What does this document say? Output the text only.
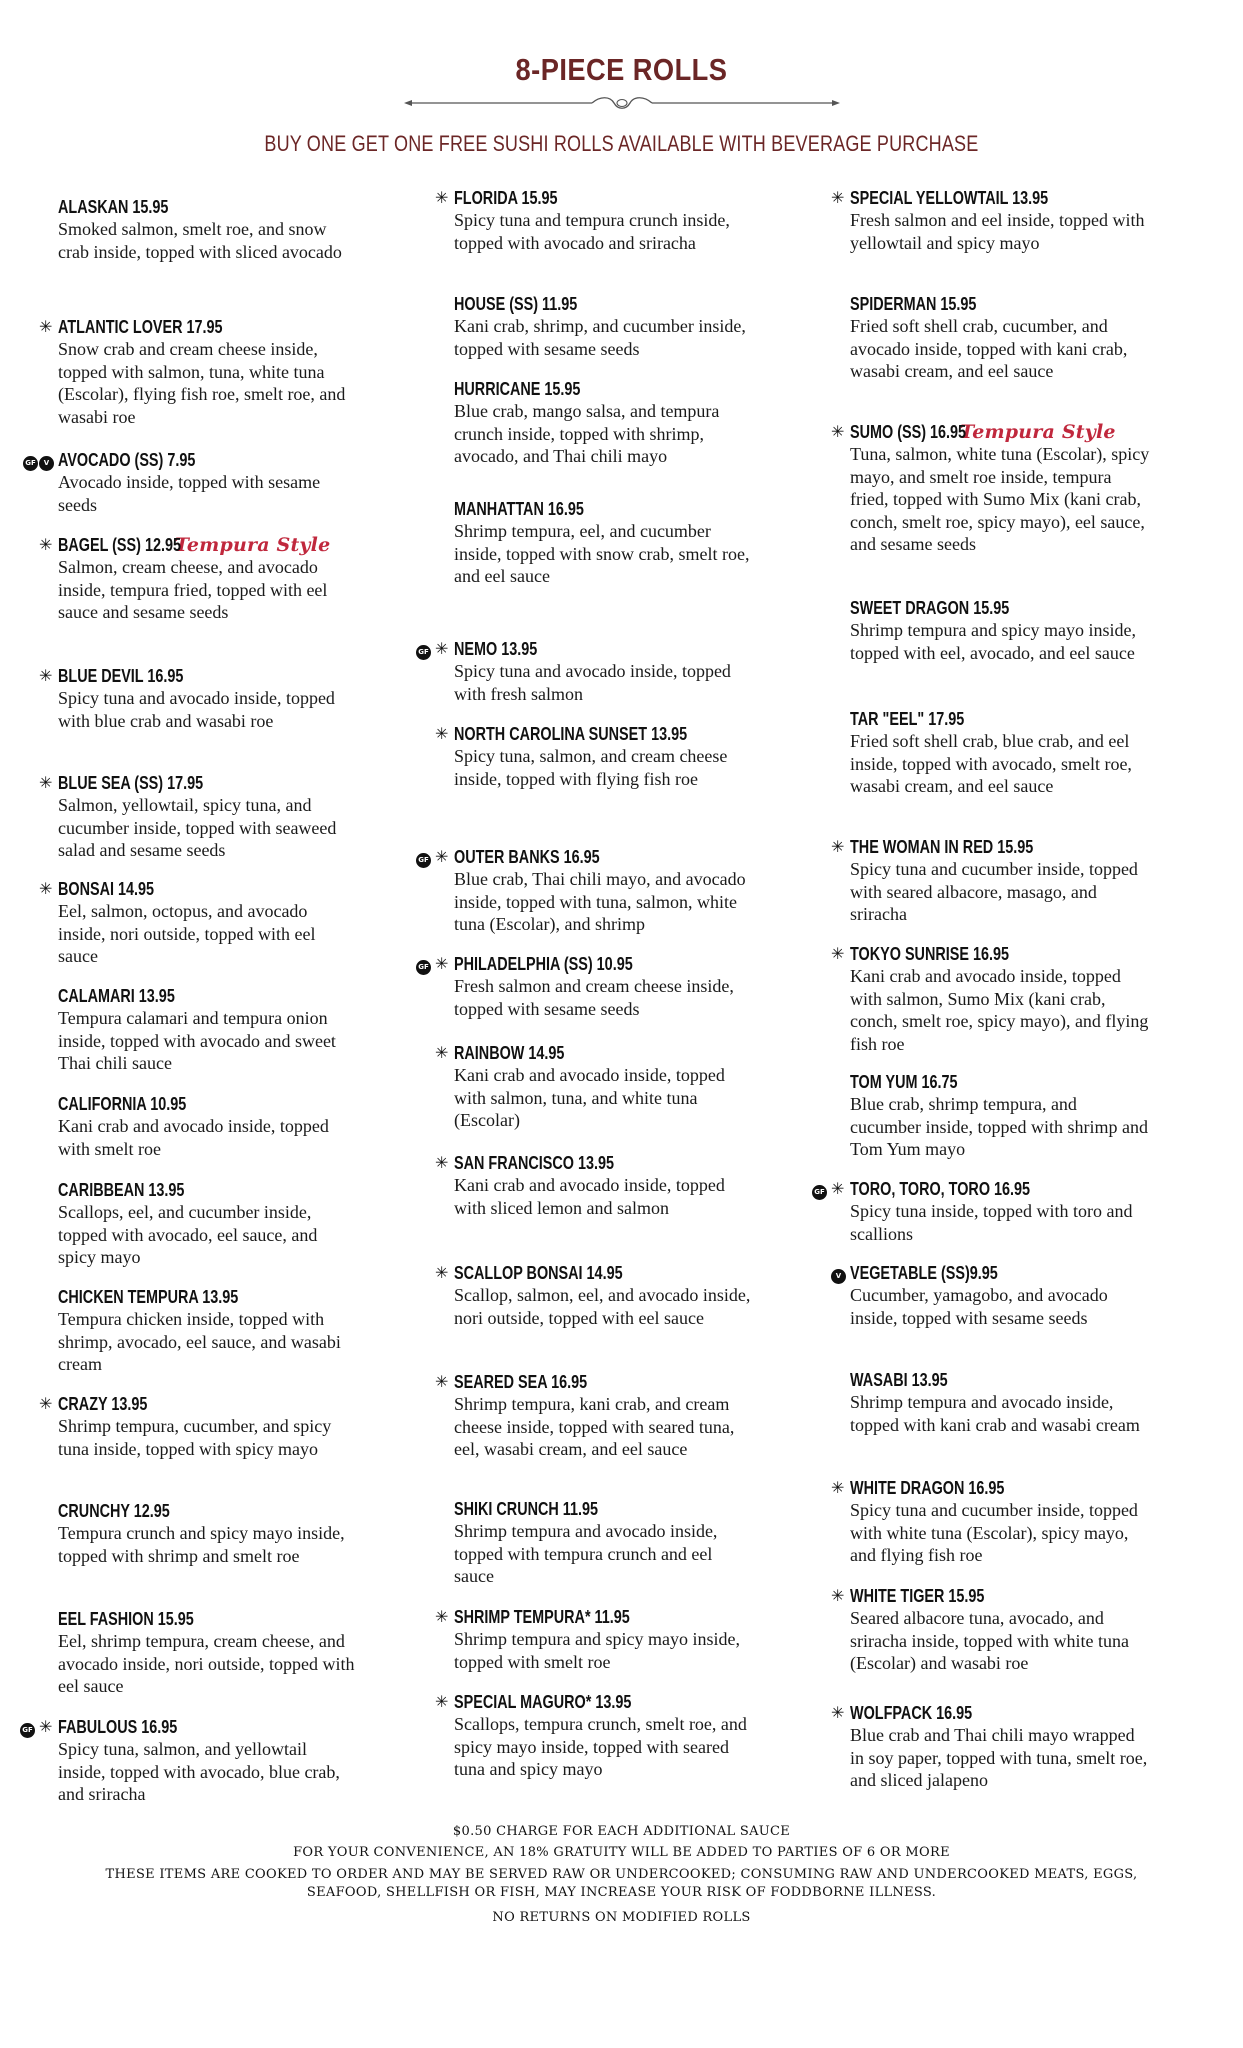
8-PIECE ROLLS
BUY ONE GET ONE FREE SUSHI ROLLS AVAILABLE WITH BEVERAGE PURCHASE
ALASKAN 15.95
Smoked salmon, smelt roe, and snow crab inside, topped with sliced avocado
✳ ATLANTIC LOVER 17.95
Snow crab and cream cheese inside, topped with salmon, tuna, white tuna (Escolar), flying fish roe, smelt roe, and wasabi roe
GF V AVOCADO (SS) 7.95
Avocado inside, topped with sesame seeds
✳ BAGEL (SS) 12.95Tempura Style
Salmon, cream cheese, and avocado inside, tempura fried, topped with eel sauce and sesame seeds
✳ BLUE DEVIL 16.95
Spicy tuna and avocado inside, topped with blue crab and wasabi roe
✳ BLUE SEA (SS) 17.95
Salmon, yellowtail, spicy tuna, and cucumber inside, topped with seaweed salad and sesame seeds
✳ BONSAI 14.95
Eel, salmon, octopus, and avocado inside, nori outside, topped with eel sauce
CALAMARI 13.95
Tempura calamari and tempura onion inside, topped with avocado and sweet Thai chili sauce
CALIFORNIA 10.95
Kani crab and avocado inside, topped with smelt roe
CARIBBEAN 13.95
Scallops, eel, and cucumber inside, topped with avocado, eel sauce, and spicy mayo
CHICKEN TEMPURA 13.95
Tempura chicken inside, topped with shrimp, avocado, eel sauce, and wasabi cream
✳ CRAZY 13.95
Shrimp tempura, cucumber, and spicy tuna inside, topped with spicy mayo
CRUNCHY 12.95
Tempura crunch and spicy mayo inside, topped with shrimp and smelt roe
EEL FASHION 15.95
Eel, shrimp tempura, cream cheese, and avocado inside, nori outside, topped with eel sauce
✳
GF FABULOUS 16.95
Spicy tuna, salmon, and yellowtail inside, topped with avocado, blue crab, and sriracha
✳ FLORIDA 15.95
Spicy tuna and tempura crunch inside, topped with avocado and sriracha
HOUSE (SS) 11.95
Kani crab, shrimp, and cucumber inside, topped with sesame seeds
HURRICANE 15.95
Blue crab, mango salsa, and tempura crunch inside, topped with shrimp, avocado, and Thai chili mayo
MANHATTAN 16.95
Shrimp tempura, eel, and cucumber inside, topped with snow crab, smelt roe, and eel sauce
✳
GF NEMO 13.95
Spicy tuna and avocado inside, topped with fresh salmon
✳ NORTH CAROLINA SUNSET 13.95
Spicy tuna, salmon, and cream cheese inside, topped with flying fish roe
✳
GF OUTER BANKS 16.95
Blue crab, Thai chili mayo, and avocado inside, topped with tuna, salmon, white tuna (Escolar), and shrimp
✳
GF PHILADELPHIA (SS) 10.95
Fresh salmon and cream cheese inside, topped with sesame seeds
✳ RAINBOW 14.95
Kani crab and avocado inside, topped with salmon, tuna, and white tuna (Escolar)
✳ SAN FRANCISCO 13.95
Kani crab and avocado inside, topped with sliced lemon and salmon
✳ SCALLOP BONSAI 14.95
Scallop, salmon, eel, and avocado inside, nori outside, topped with eel sauce
✳ SEARED SEA 16.95
Shrimp tempura, kani crab, and cream cheese inside, topped with seared tuna, eel, wasabi cream, and eel sauce
SHIKI CRUNCH 11.95
Shrimp tempura and avocado inside, topped with tempura crunch and eel sauce
✳ SHRIMP TEMPURA* 11.95
Shrimp tempura and spicy mayo inside, topped with smelt roe
✳ SPECIAL MAGURO* 13.95
Scallops, tempura crunch, smelt roe, and spicy mayo inside, topped with seared tuna and spicy mayo
✳ SPECIAL YELLOWTAIL 13.95
Fresh salmon and eel inside, topped with yellowtail and spicy mayo
SPIDERMAN 15.95
Fried soft shell crab, cucumber, and avocado inside, topped with kani crab, wasabi cream, and eel sauce
✳ SUMO (SS) 16.95Tempura Style
Tuna, salmon, white tuna (Escolar), spicy mayo, and smelt roe inside, tempura fried, topped with Sumo Mix (kani crab, conch, smelt roe, spicy mayo), eel sauce, and sesame seeds
SWEET DRAGON 15.95
Shrimp tempura and spicy mayo inside, topped with eel, avocado, and eel sauce
TAR "EEL" 17.95
Fried soft shell crab, blue crab, and eel inside, topped with avocado, smelt roe, wasabi cream, and eel sauce
✳ THE WOMAN IN RED 15.95
Spicy tuna and cucumber inside, topped with seared albacore, masago, and sriracha
✳ TOKYO SUNRISE 16.95
Kani crab and avocado inside, topped with salmon, Sumo Mix (kani crab, conch, smelt roe, spicy mayo), and flying fish roe
TOM YUM 16.75
Blue crab, shrimp tempura, and cucumber inside, topped with shrimp and Tom Yum mayo
✳
GF TORO, TORO, TORO 16.95
Spicy tuna inside, topped with toro and scallions
V VEGETABLE (SS)9.95
Cucumber, yamagobo, and avocado inside, topped with sesame seeds
WASABI 13.95
Shrimp tempura and avocado inside, topped with kani crab and wasabi cream
✳ WHITE DRAGON 16.95
Spicy tuna and cucumber inside, topped with white tuna (Escolar), spicy mayo, and flying fish roe
✳ WHITE TIGER 15.95
Seared albacore tuna, avocado, and sriracha inside, topped with white tuna (Escolar) and wasabi roe
✳ WOLFPACK 16.95
Blue crab and Thai chili mayo wrapped in soy paper, topped with tuna, smelt roe, and sliced jalapeno
$0.50 CHARGE FOR EACH ADDITIONAL SAUCE
FOR YOUR CONVENIENCE, AN 18% GRATUITY WILL BE ADDED TO PARTIES OF 6 OR MORE
THESE ITEMS ARE COOKED TO ORDER AND MAY BE SERVED RAW OR UNDERCOOKED; CONSUMING RAW AND UNDERCOOKED MEATS, EGGS,
SEAFOOD, SHELLFISH OR FISH, MAY INCREASE YOUR RISK OF FODDBORNE ILLNESS.
NO RETURNS ON MODIFIED ROLLS
